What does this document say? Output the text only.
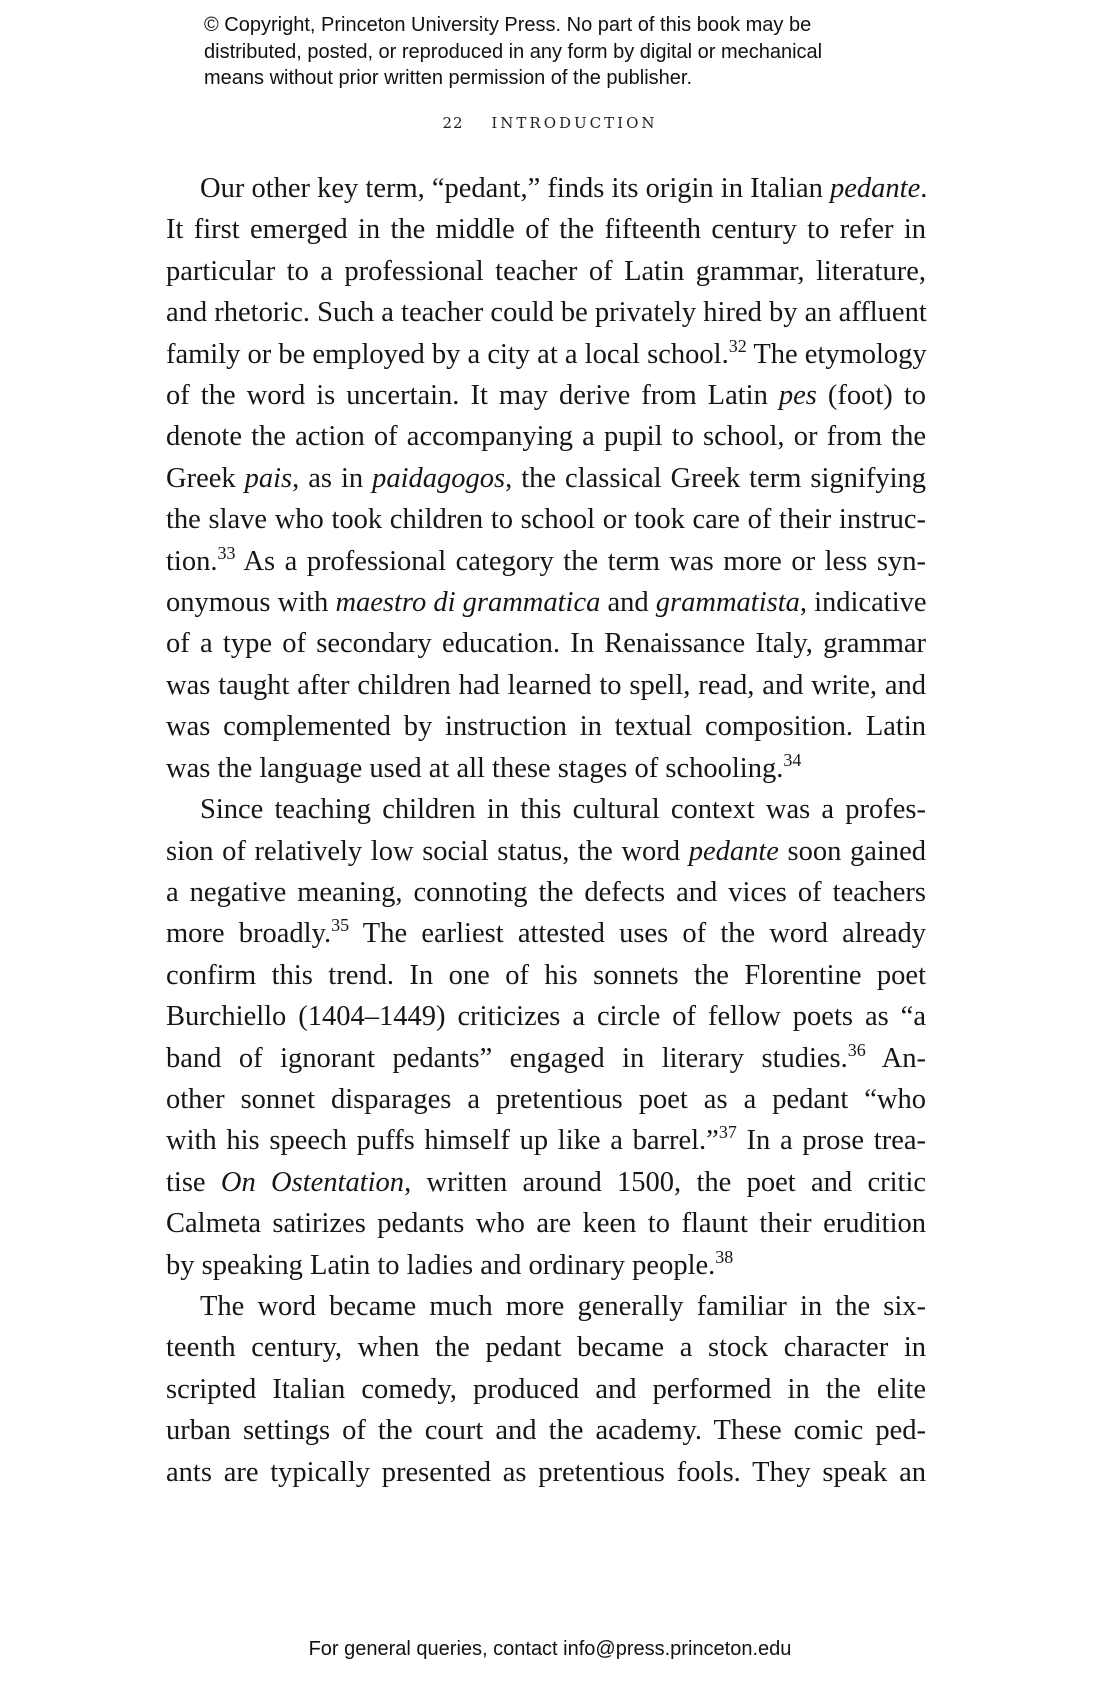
© Copyright, Princeton University Press. No part of this book may be
distributed, posted, or reproduced in any form by digital or mechanical
means without prior written permission of the publisher.
22 INTRODUCTION
Our other key term, “pedant,” finds its origin in Italian pedante.
It first emerged in the middle of the fifteenth century to refer in
particular to a professional teacher of Latin grammar, literature,
and rhetoric. Such a teacher could be privately hired by an affluent
family or be employed by a city at a local school.$^{32}$ The etymology
of the word is uncertain. It may derive from Latin pes (foot) to
denote the action of accompanying a pupil to school, or from the
Greek pais, as in paidagogos, the classical Greek term signifying
the slave who took children to school or took care of their instruc-
tion.$^{33}$ As a professional category the term was more or less syn-
onymous with maestro di grammatica and grammatista, indicative
of a type of secondary education. In Renaissance Italy, grammar
was taught after children had learned to spell, read, and write, and
was complemented by instruction in textual composition. Latin
was the language used at all these stages of schooling.$^{34}$
Since teaching children in this cultural context was a profes-
sion of relatively low social status, the word pedante soon gained
a negative meaning, connoting the defects and vices of teachers
more broadly.$^{35}$ The earliest attested uses of the word already
confirm this trend. In one of his sonnets the Florentine poet
Burchiello (1404–1449) criticizes a circle of fellow poets as “a
band of ignorant pedants” engaged in literary studies.$^{36}$ An-
other sonnet disparages a pretentious poet as a pedant “who
with his speech puffs himself up like a barrel.”$^{37}$ In a prose trea-
tise On Ostentation, written around 1500, the poet and critic
Calmeta satirizes pedants who are keen to flaunt their erudition
by speaking Latin to ladies and ordinary people.$^{38}$
The word became much more generally familiar in the six-
teenth century, when the pedant became a stock character in
scripted Italian comedy, produced and performed in the elite
urban settings of the court and the academy. These comic ped-
ants are typically presented as pretentious fools. They speak an
For general queries, contact info@press.princeton.edu
